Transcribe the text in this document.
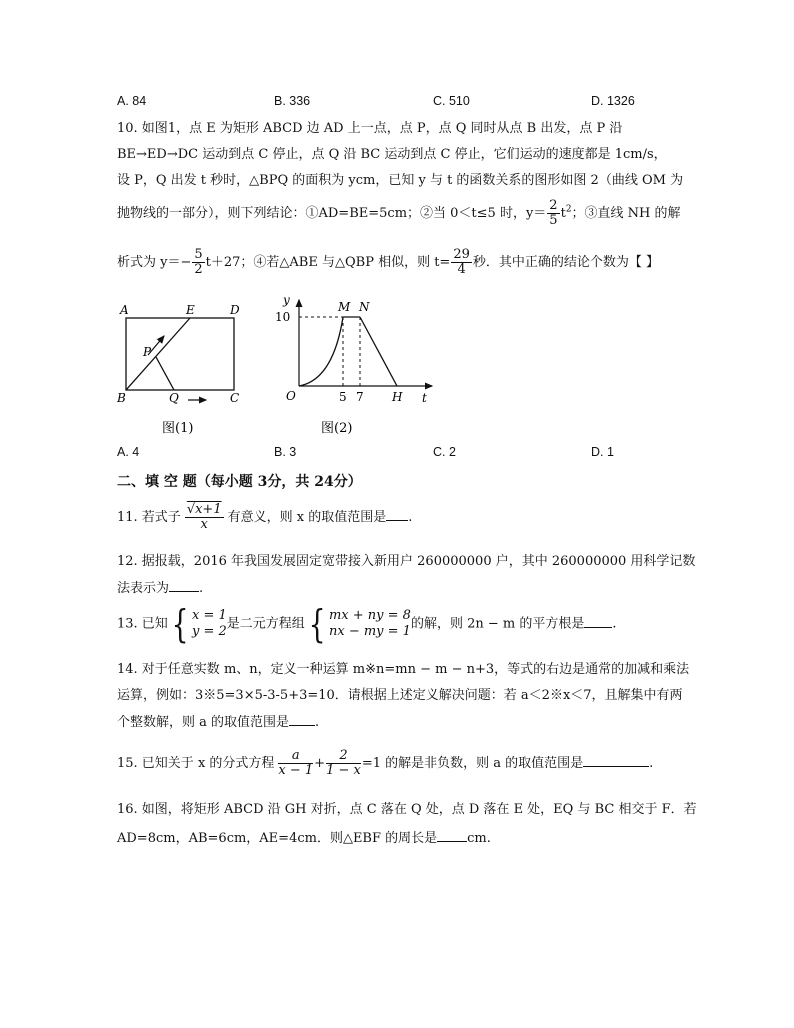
A. 84	B. 336	C. 510	D. 1326
10. 如图1，点 E 为矩形 ABCD 边 AD 上一点，点 P，点 Q 同时从点 B 出发，点 P 沿
BE→ED→DC 运动到点 C 停止，点 Q 沿 BC 运动到点 C 停止，它们运动的速度都是 1cm/s，
设 P，Q 出发 t 秒时，△BPQ 的面积为 ycm，已知 y 与 t 的函数关系的图形如图 2（曲线 OM 为
抛物线的一部分），则下列结论：①AD=BE=5cm；②当 0＜t≤5 时，$y= \frac{2}{5} t^2$；③直线 NH 的解
析式为 $y=- \frac{5}{2} t+27$；④若△ABE 与△QBP 相似，则 $t= \frac{29}{4}$ 秒．其中正确的结论个数为【 】
A	E	D
P
B	Q	C
图(1)
y	M N
10
O	5 7 H t
图(2)
A. 4	B. 3	C. 2	D. 1
二、填 空 题（每小题 3分，共 24分）
11. 若式子 $\frac{√x+1}{x}$ 有意义，则 x 的取值范围是 .
12. 据报载，2016 年我国发展固定宽带接入新用户 260000000 户，其中 260000000 用科学记数
法表示为 .
13. 已知{ x = 1
y = 2 是二元方程组{ mx + ny = 8
nx − my = 1 的解，则 2n − m 的平方根是 .
14. 对于任意实数 m、n，定义一种运算 m※n=mn − m − n+3，等式的右边是通常的加减和乘法
运算，例如：3※5=3×5-3-5+3=10．请根据上述定义解决问题：若 a＜2※x＜7，且解集中有两
个整数解，则 a 的取值范围是 .
15. 已知关于 x 的分式方程 $\frac{a}{x - 1} + \frac{2}{1 - x} =1$ 的解是非负数，则 a 的取值范围是	.
16. 如图，将矩形 ABCD 沿 GH 对折，点 C 落在 Q 处，点 D 落在 E 处，EQ 与 BC 相交于 F．若
AD=8cm，AB=6cm，AE=4cm．则△EBF 的周长是 cm.
